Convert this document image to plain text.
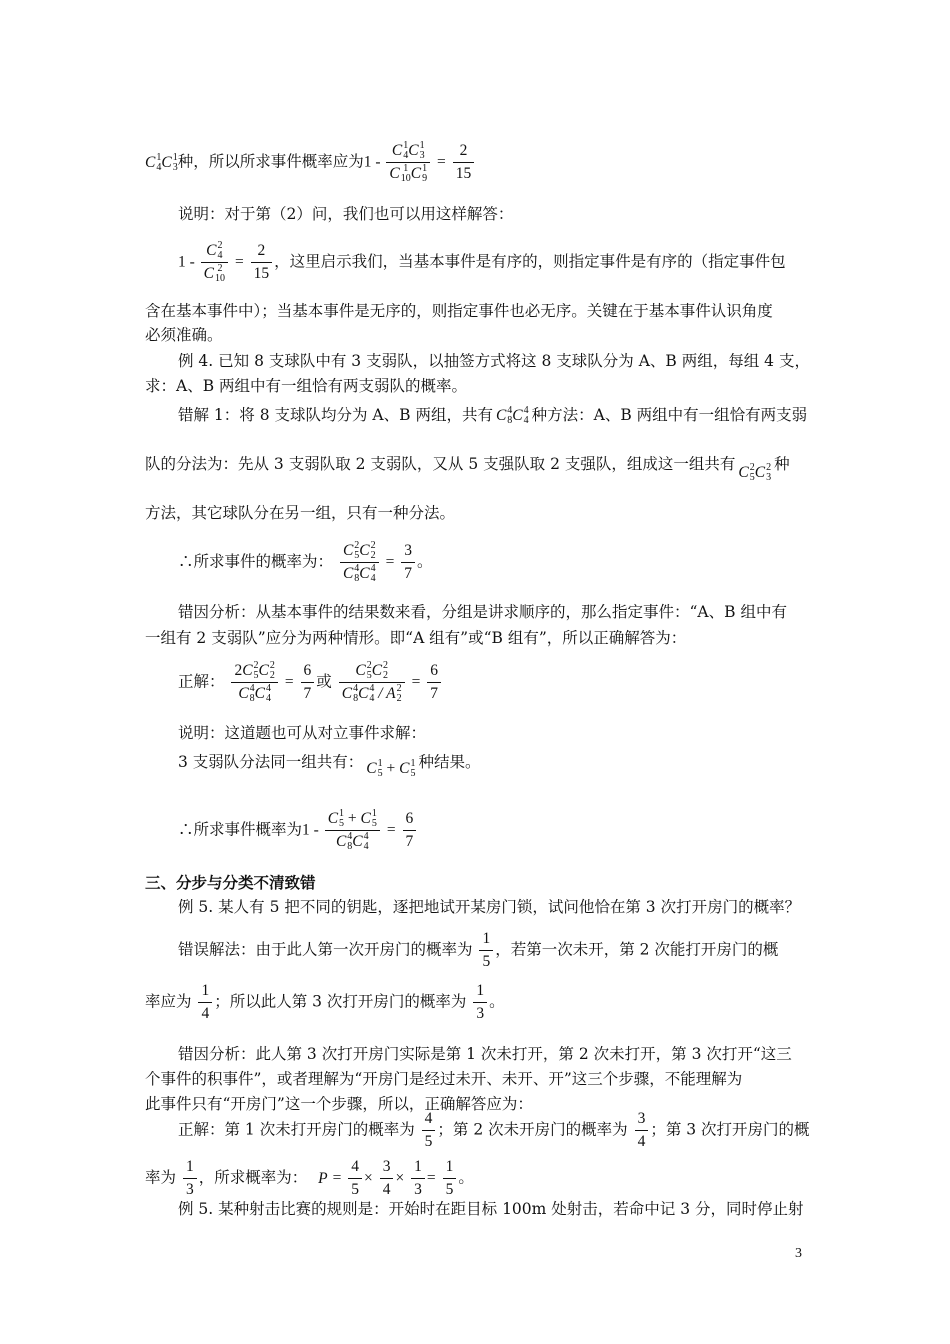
C 1
4 C 1
3 种，所以所求事件概率应为1 - C 1
4 C 1
3
C 1
10 C 1
$9 = \frac{2}{15}$
说明：对于第（2）问，我们也可以用这样解答：
1 - C 2
4
C 2
$10 = \frac{2}{15}$ ，这里启示我们，当基本事件是有序的，则指定事件是有序的（指定事件包
含在基本事件中）；当基本事件是无序的，则指定事件也必无序。关键在于基本事件认识角度
必须准确。
例 4. 已知 8 支球队中有 3 支弱队，以抽签方式将这 8 支球队分为 A、B 两组，每组 4 支，
求：A、B 两组中有一组恰有两支弱队的概率。
错解 1：将 8 支球队均分为 A、B 两组，共有 C 4
8 C 4
4 种方法：A、B 两组中有一组恰有两支弱
队的分法为：先从 3 支弱队取 2 支弱队，又从 5 支强队取 2 支强队，组成这一组共有 C 2
5 C 2
3
种
方法，其它球队分在另一组，只有一种分法。
∴所求事件的概率为： C 2
5 C 2
2
C 4
8 C 4
$4 = \frac{3}{7}$ 。
错因分析：从基本事件的结果数来看，分组是讲求顺序的，那么指定事件：“A、B 组中有
一组有 2 支弱队”应分为两种情形。即“A 组有”或“B 组有”，所以正确解答为：
正解： 2C 2
5 C 2
2
C 4
8 C 4
$4 = \frac{6}{7}$ 或 C 2
5 C 2
2
C 4
8 C 4
4 / A 2
$2 = \frac{6}{7}$
说明：这道题也可从对立事件求解：
3 支弱队分法同一组共有： C 1
5 + C 1
5
种结果。
∴所求事件概率为1 - C 1
5 + C 1
5
C 4
8 C 4
$4 = \frac{6}{7}$
三、分步与分类不清致错
例 5. 某人有 5 把不同的钥匙，逐把地试开某房门锁，试问他恰在第 3 次打开房门的概率？
错误解法：由于此人第一次开房门的概率为 $\frac{1}{5}$ ，若第一次未开，第 2 次能打开房门的概
率应为 $\frac{1}{4}$ ；所以此人第 3 次打开房门的概率为 $\frac{1}{3}$ 。
错因分析：此人第 3 次打开房门实际是第 1 次未打开，第 2 次未打开，第 3 次打开“这三
个事件的积事件”，或者理解为“开房门是经过未开、未开、开”这三个步骤，不能理解为
此事件只有“开房门”这一个步骤，所以，正确解答应为：
正解：第 1 次未打开房门的概率为 $\frac{4}{5}$ ；第 2 次未开房门的概率为 $\frac{3}{4}$ ；第 3 次打开房门的概
率为 $\frac{1}{3}$ ，所求概率为： $P = \frac{4}{5} \times \frac{3}{4} \times \frac{1}{3} = \frac{1}{5}$ 。
例 5. 某种射击比赛的规则是：开始时在距目标 100m 处射击，若命中记 3 分，同时停止射
3
